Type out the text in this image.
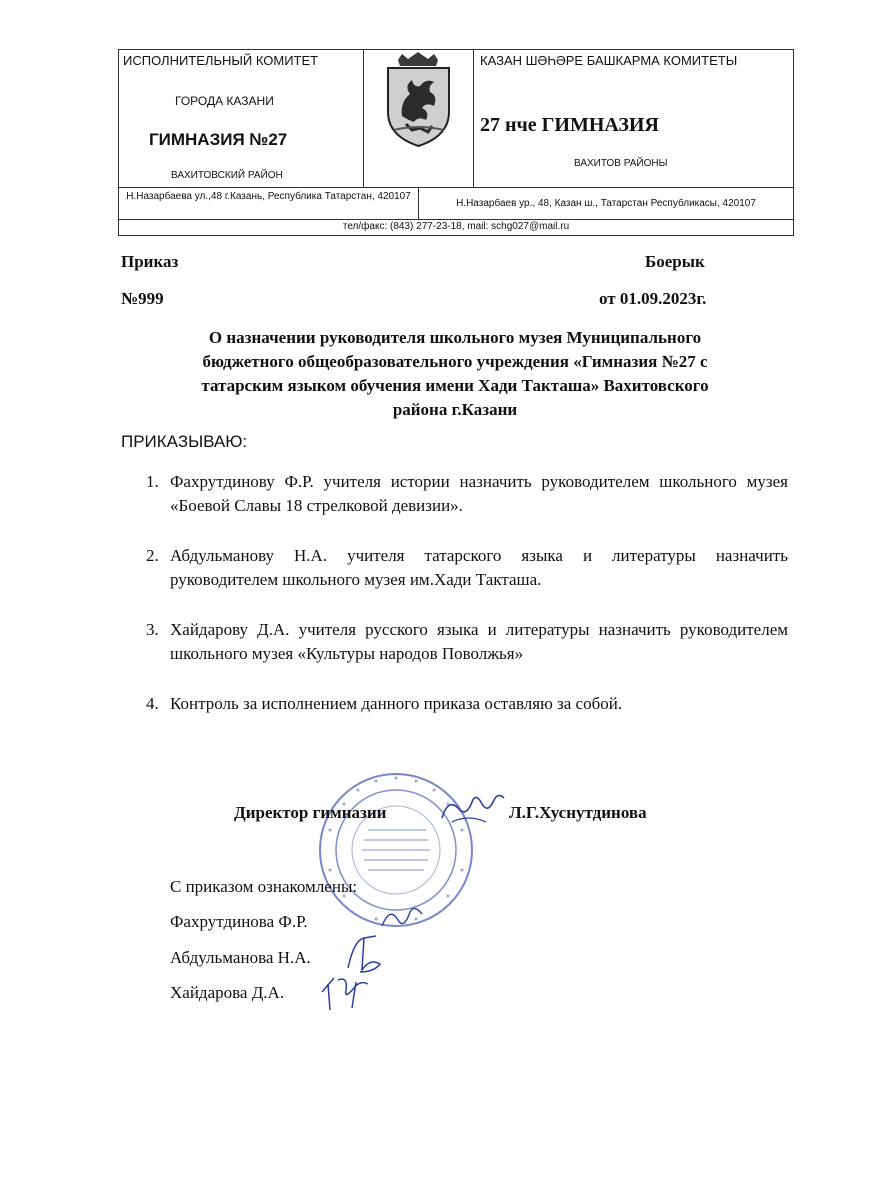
ИСПОЛНИТЕЛЬНЫЙ КОМИТЕТ
ГОРОДА КАЗАНИ
ГИМНАЗИЯ №27
ВАХИТОВСКИЙ РАЙОН
КАЗАН ШӘҺӘРЕ БАШКАРМА КОМИТЕТЫ
27 нче ГИМНАЗИЯ
ВАХИТОВ РАЙОНЫ
Н.Назарбаева ул.,48 г.Казань, Республика Татарстан, 420107
Н.Назарбаев ур., 48, Казан ш., Татарстан Республикасы, 420107
тел/факс: (843) 277-23-18, mail: schg027@mail.ru
Приказ	Боерык
№999	от 01.09.2023г.
О назначении руководителя школьного музея Муниципального
бюджетного общеобразовательного учреждения «Гимназия №27 с
татарским языком обучения имени Хади Такташа» Вахитовского
района г.Казани
ПРИКАЗЫВАЮ:
1. Фахрутдинову Ф.Р. учителя истории назначить руководителем школьного музея «Боевой Славы 18 стрелковой девизии».
2. Абдульманову Н.А. учителя татарского языка и литературы назначить руководителем школьного музея им.Хади Такташа.
3. Хайдарову Д.А. учителя русского языка и литературы назначить руководителем школьного музея «Культуры народов Поволжья»
4. Контроль за исполнением данного приказа оставляю за собой.
Директор гимназии	Л.Г.Хуснутдинова
С приказом ознакомлены:
Фахрутдинова Ф.Р.
Абдульманова Н.А.
Хайдарова Д.А.
